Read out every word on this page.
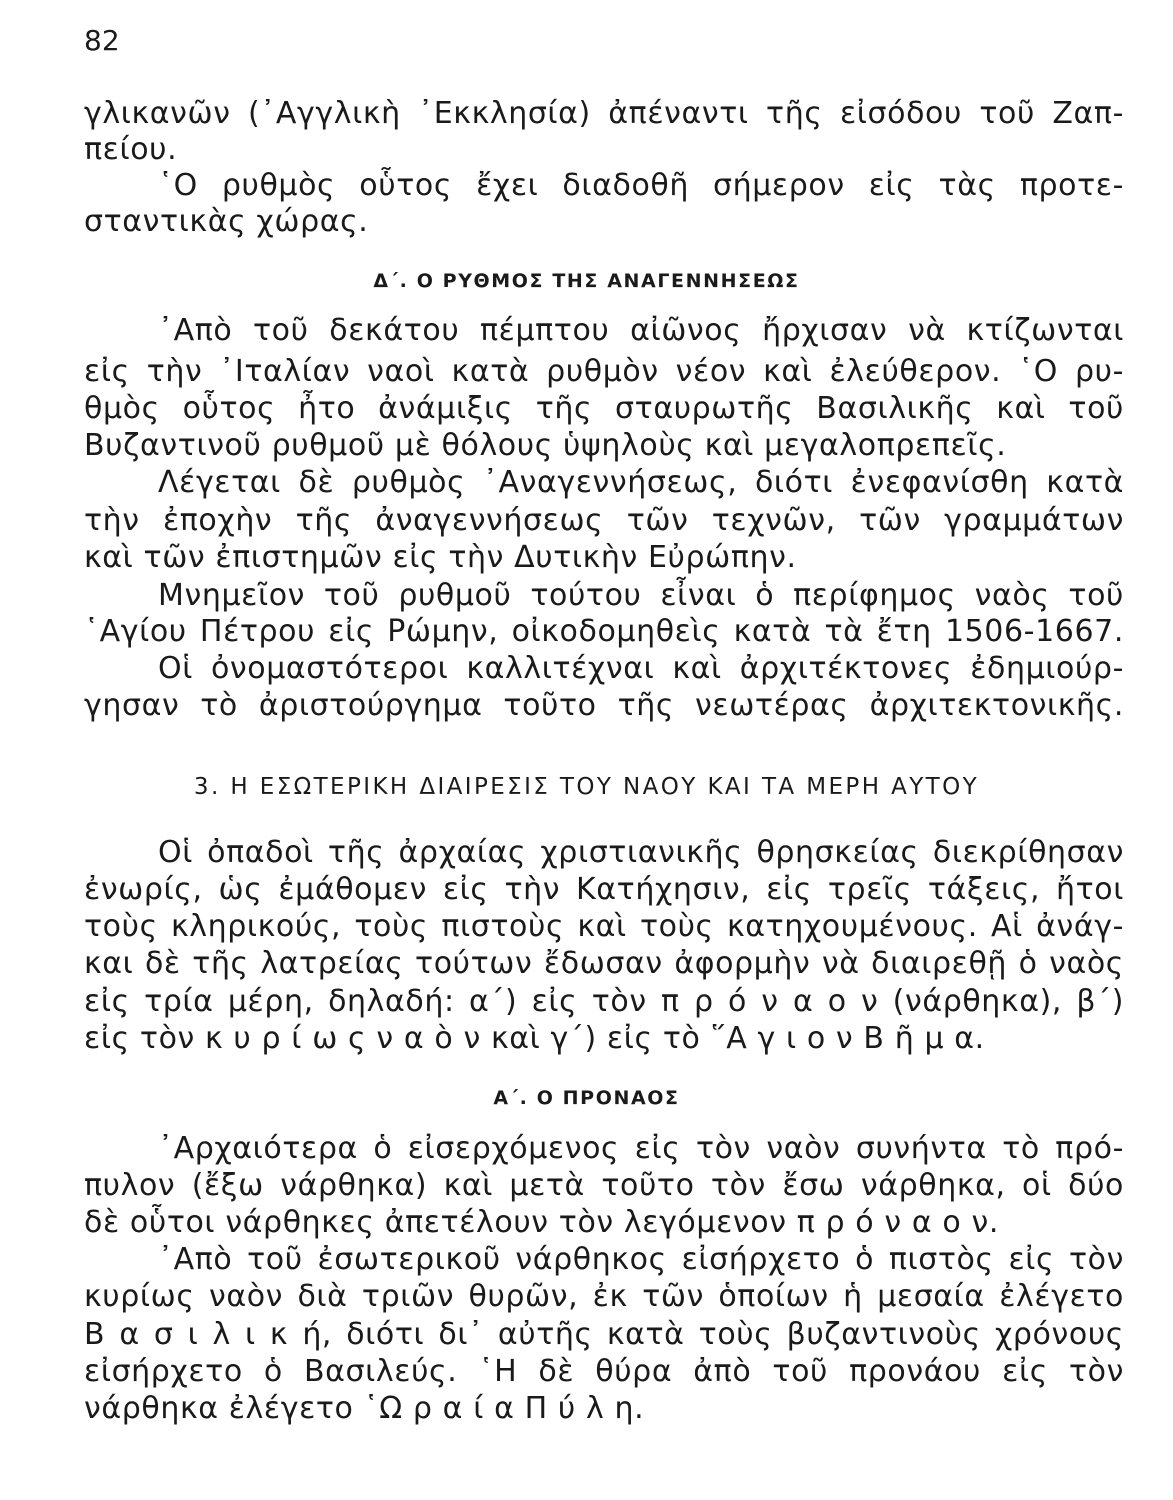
82
Δ΄. Ο ΡΥΘΜΟΣ ΤΗΣ ΑΝΑΓΕΝΝΗΣΕΩΣ
3. Η ΕΣΩΤΕΡΙΚΗ ΔΙΑΙΡΕΣΙΣ ΤΟΥ ΝΑΟΥ ΚΑΙ ΤΑ ΜΕΡΗ ΑΥΤΟΥ
Α΄. Ο ΠΡΟΝΑΟΣ
γλικανῶν (᾿Αγγλικὴ ᾿Εκκλησία) ἀπέναντι τῆς εἰσόδου τοῦ Ζαπ-
πείου.
῾Ο ρυθμὸς οὗτος ἔχει διαδοθῆ σήμερον εἰς τὰς προτε-
σταντικὰς χώρας.
᾿Απὸ τοῦ δεκάτου πέμπτου αἰῶνος ἤρχισαν νὰ κτίζωνται
εἰς τὴν ᾿Ιταλίαν ναοὶ κατὰ ρυθμὸν νέον καὶ ἐλεύθερον. ῾Ο ρυ-
θμὸς οὗτος ἦτο ἀνάμιξις τῆς σταυρωτῆς Βασιλικῆς καὶ τοῦ
Βυζαντινοῦ ρυθμοῦ μὲ θόλους ὑψηλοὺς καὶ μεγαλοπρεπεῖς.
Λέγεται δὲ ρυθμὸς ᾿Αναγεννήσεως, διότι ἐνεφανίσθη κατὰ
τὴν ἐποχὴν τῆς ἀναγεννήσεως τῶν τεχνῶν, τῶν γραμμάτων
καὶ τῶν ἐπιστημῶν εἰς τὴν Δυτικὴν Εὐρώπην.
Μνημεῖον τοῦ ρυθμοῦ τούτου εἶναι ὁ περίφημος ναὸς τοῦ
῾Αγίου Πέτρου εἰς Ρώμην, οἰκοδομηθεὶς κατὰ τὰ ἔτη 1506-1667.
Οἱ ὀνομαστότεροι καλλιτέχναι καὶ ἀρχιτέκτονες ἐδημιούρ-
γησαν τὸ ἀριστούργημα τοῦτο τῆς νεωτέρας ἀρχιτεκτονικῆς.
Οἱ ὀπαδοὶ τῆς ἀρχαίας χριστιανικῆς θρησκείας διεκρίθησαν
ἐνωρίς, ὡς ἐμάθομεν εἰς τὴν Κατήχησιν, εἰς τρεῖς τάξεις, ἤτοι
τοὺς κληρικούς, τοὺς πιστοὺς καὶ τοὺς κατηχουμένους. Αἱ ἀνάγ-
και δὲ τῆς λατρείας τούτων ἔδωσαν ἀφορμὴν νὰ διαιρεθῇ ὁ ναὸς
εἰς τρία μέρη, δηλαδή: α΄) εἰς τὸν π ρ ό ν α ο ν (νάρθηκα), β΄)
εἰς τὸν κ υ ρ ί ω ς ν α ὸ ν καὶ γ΄) εἰς τὸ ῞Α γ ι ο ν Β ῆ μ α.
᾿Αρχαιότερα ὁ εἰσερχόμενος εἰς τὸν ναὸν συνήντα τὸ πρό-
πυλον (ἔξω νάρθηκα) καὶ μετὰ τοῦτο τὸν ἔσω νάρθηκα, οἱ δύο
δὲ οὗτοι νάρθηκες ἀπετέλουν τὸν λεγόμενον π ρ ό ν α ο ν.
᾿Απὸ τοῦ ἐσωτερικοῦ νάρθηκος εἰσήρχετο ὁ πιστὸς εἰς τὸν
κυρίως ναὸν διὰ τριῶν θυρῶν, ἐκ τῶν ὁποίων ἡ μεσαία ἐλέγετο
Β α σ ι λ ι κ ή, διότι δι᾿ αὐτῆς κατὰ τοὺς βυζαντινοὺς χρόνους
εἰσήρχετο ὁ Βασιλεύς. ῾Η δὲ θύρα ἀπὸ τοῦ προνάου εἰς τὸν
νάρθηκα ἐλέγετο ῾Ω ρ α ί α Π ύ λ η.
